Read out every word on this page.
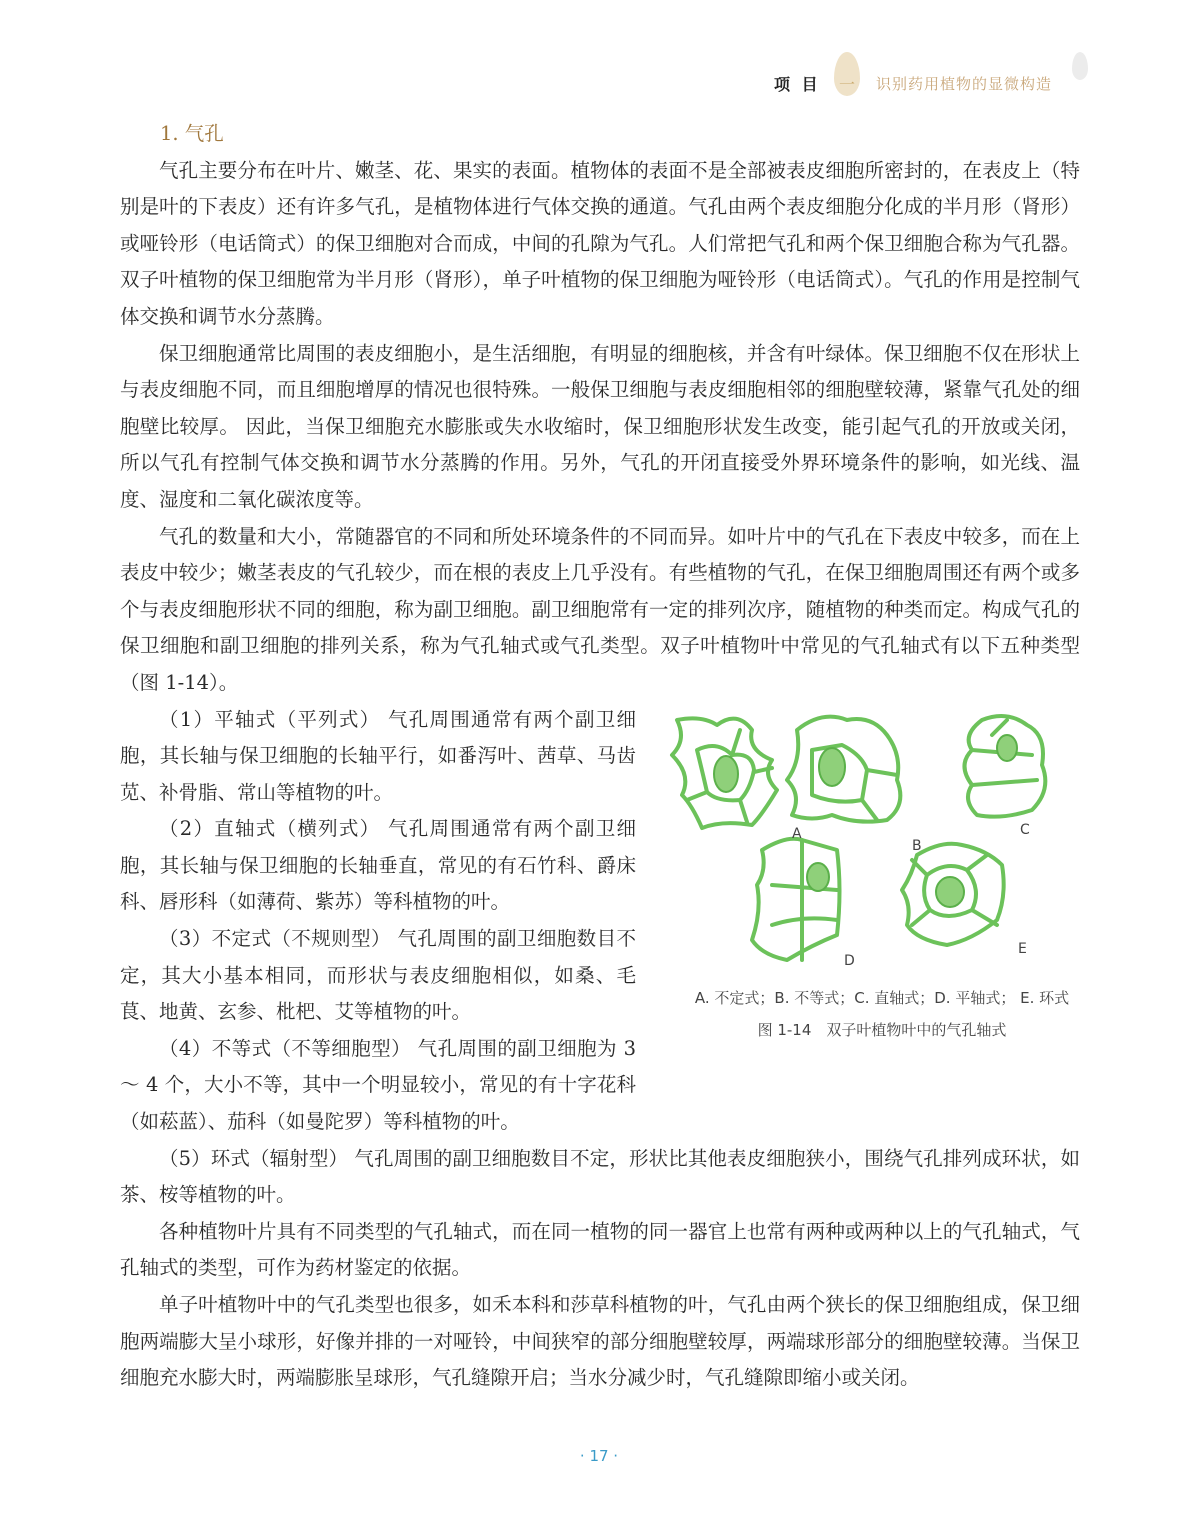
项 目 一 识别药用植物的显微构造
1. 气孔

气孔主要分布在叶片、嫩茎、花、果实的表面。植物体的表面不是全部被表皮细胞所密封的，在表皮上（特别是叶的下表皮）还有许多气孔，是植物体进行气体交换的通道。气孔由两个表皮细胞分化成的半月形（肾形）或哑铃形（电话筒式）的保卫细胞对合而成，中间的孔隙为气孔。人们常把气孔和两个保卫细胞合称为气孔器。双子叶植物的保卫细胞常为半月形（肾形），单子叶植物的保卫细胞为哑铃形（电话筒式）。气孔的作用是控制气体交换和调节水分蒸腾。

保卫细胞通常比周围的表皮细胞小，是生活细胞，有明显的细胞核，并含有叶绿体。保卫细胞不仅在形状上与表皮细胞不同，而且细胞增厚的情况也很特殊。一般保卫细胞与表皮细胞相邻的细胞壁较薄，紧靠气孔处的细胞壁比较厚。 因此，当保卫细胞充水膨胀或失水收缩时，保卫细胞形状发生改变，能引起气孔的开放或关闭，所以气孔有控制气体交换和调节水分蒸腾的作用。另外，气孔的开闭直接受外界环境条件的影响，如光线、温度、湿度和二氧化碳浓度等。

气孔的数量和大小，常随器官的不同和所处环境条件的不同而异。如叶片中的气孔在下表皮中较多，而在上表皮中较少；嫩茎表皮的气孔较少，而在根的表皮上几乎没有。有些植物的气孔，在保卫细胞周围还有两个或多个与表皮细胞形状不同的细胞，称为副卫细胞。副卫细胞常有一定的排列次序，随植物的种类而定。构成气孔的保卫细胞和副卫细胞的排列关系，称为气孔轴式或气孔类型。双子叶植物叶中常见的气孔轴式有以下五种类型（图 1-14）。

A
B
C
D
E
A. 不定式；B. 不等式；C. 直轴式；D. 平轴式； E. 环式
图 1-14　双子叶植物叶中的气孔轴式

（1）平轴式（平列式） 气孔周围通常有两个副卫细胞，其长轴与保卫细胞的长轴平行，如番泻叶、茜草、马齿苋、补骨脂、常山等植物的叶。

（2）直轴式（横列式） 气孔周围通常有两个副卫细胞，其长轴与保卫细胞的长轴垂直，常见的有石竹科、爵床科、唇形科（如薄荷、紫苏）等科植物的叶。

（3）不定式（不规则型） 气孔周围的副卫细胞数目不定，其大小基本相同，而形状与表皮细胞相似，如桑、毛茛、地黄、玄参、枇杷、艾等植物的叶。

（4）不等式（不等细胞型） 气孔周围的副卫细胞为 3 ～ 4 个，大小不等，其中一个明显较小，常见的有十字花科（如菘蓝）、茄科（如曼陀罗）等科植物的叶。

（5）环式（辐射型） 气孔周围的副卫细胞数目不定，形状比其他表皮细胞狭小，围绕气孔排列成环状，如茶、桉等植物的叶。

各种植物叶片具有不同类型的气孔轴式，而在同一植物的同一器官上也常有两种或两种以上的气孔轴式，气孔轴式的类型，可作为药材鉴定的依据。

单子叶植物叶中的气孔类型也很多，如禾本科和莎草科植物的叶，气孔由两个狭长的保卫细胞组成，保卫细胞两端膨大呈小球形，好像并排的一对哑铃，中间狭窄的部分细胞壁较厚，两端球形部分的细胞壁较薄。当保卫细胞充水膨大时，两端膨胀呈球形，气孔缝隙开启；当水分减少时，气孔缝隙即缩小或关闭。

· 17 ·
